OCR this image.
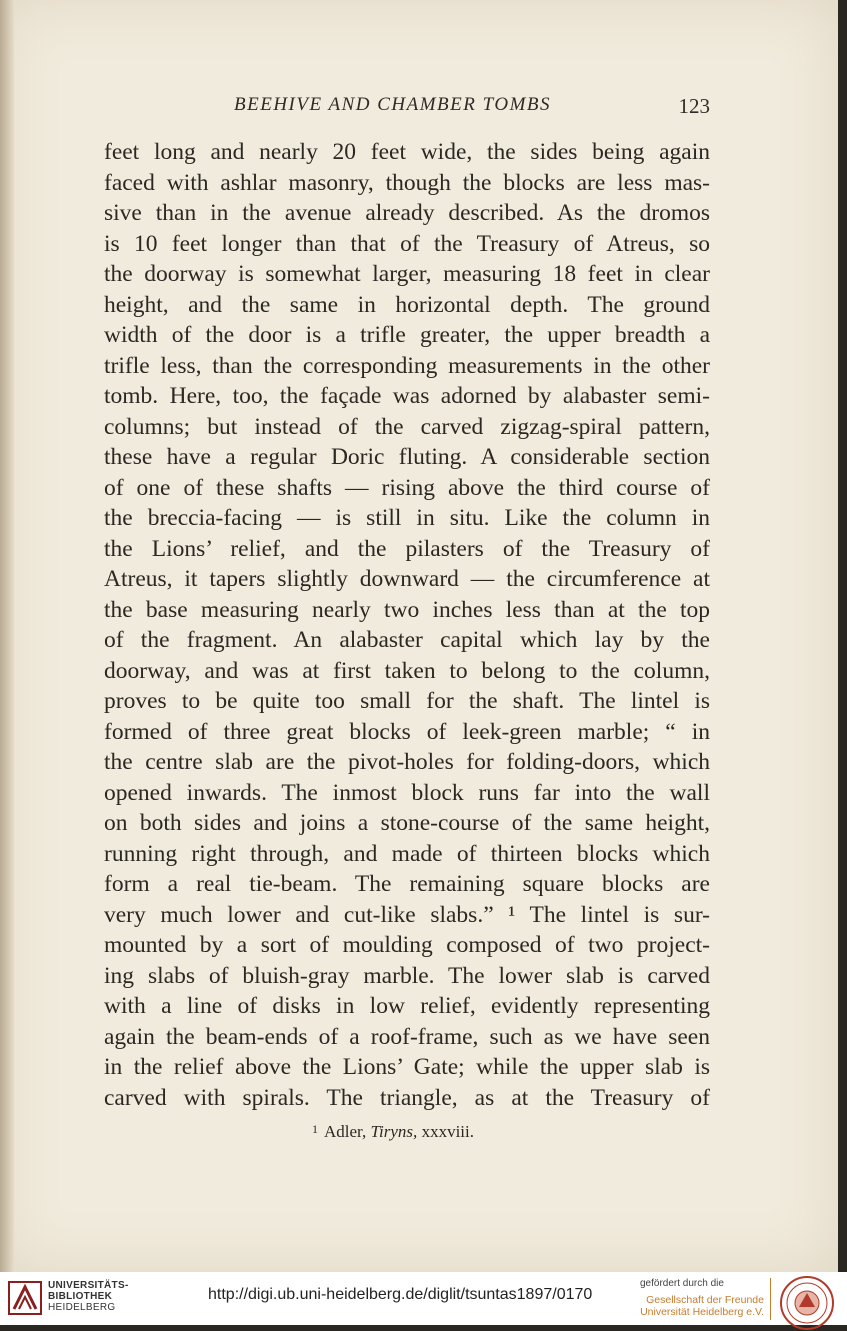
BEEHIVE AND CHAMBER TOMBS	123
feet long and nearly 20 feet wide, the sides being again
faced with ashlar masonry, though the blocks are less mas-
sive than in the avenue already described. As the dromos
is 10 feet longer than that of the Treasury of Atreus, so
the doorway is somewhat larger, measuring 18 feet in clear
height, and the same in horizontal depth. The ground
width of the door is a trifle greater, the upper breadth a
trifle less, than the corresponding measurements in the other
tomb. Here, too, the façade was adorned by alabaster semi-
columns; but instead of the carved zigzag-spiral pattern,
these have a regular Doric fluting. A considerable section
of one of these shafts — rising above the third course of
the breccia-facing — is still in situ. Like the column in
the Lions’ relief, and the pilasters of the Treasury of
Atreus, it tapers slightly downward — the circumference at
the base measuring nearly two inches less than at the top
of the fragment. An alabaster capital which lay by the
doorway, and was at first taken to belong to the column,
proves to be quite too small for the shaft. The lintel is
formed of three great blocks of leek-green marble; “ in
the centre slab are the pivot-holes for folding-doors, which
opened inwards. The inmost block runs far into the wall
on both sides and joins a stone-course of the same height,
running right through, and made of thirteen blocks which
form a real tie-beam. The remaining square blocks are
very much lower and cut-like slabs.” ¹ The lintel is sur-
mounted by a sort of moulding composed of two project-
ing slabs of bluish-gray marble. The lower slab is carved
with a line of disks in low relief, evidently representing
again the beam-ends of a roof-frame, such as we have seen
in the relief above the Lions’ Gate; while the upper slab is
carved with spirals. The triangle, as at the Treasury of
$^1$ Adler, Tiryns, xxxviii.
UNIVERSITÄTS-
BIBLIOTHEK
HEIDELBERG
http://digi.ub.uni-heidelberg.de/diglit/tsuntas1897/0170
gefördert durch die
Gesellschaft der Freunde
Universität Heidelberg e.V.
